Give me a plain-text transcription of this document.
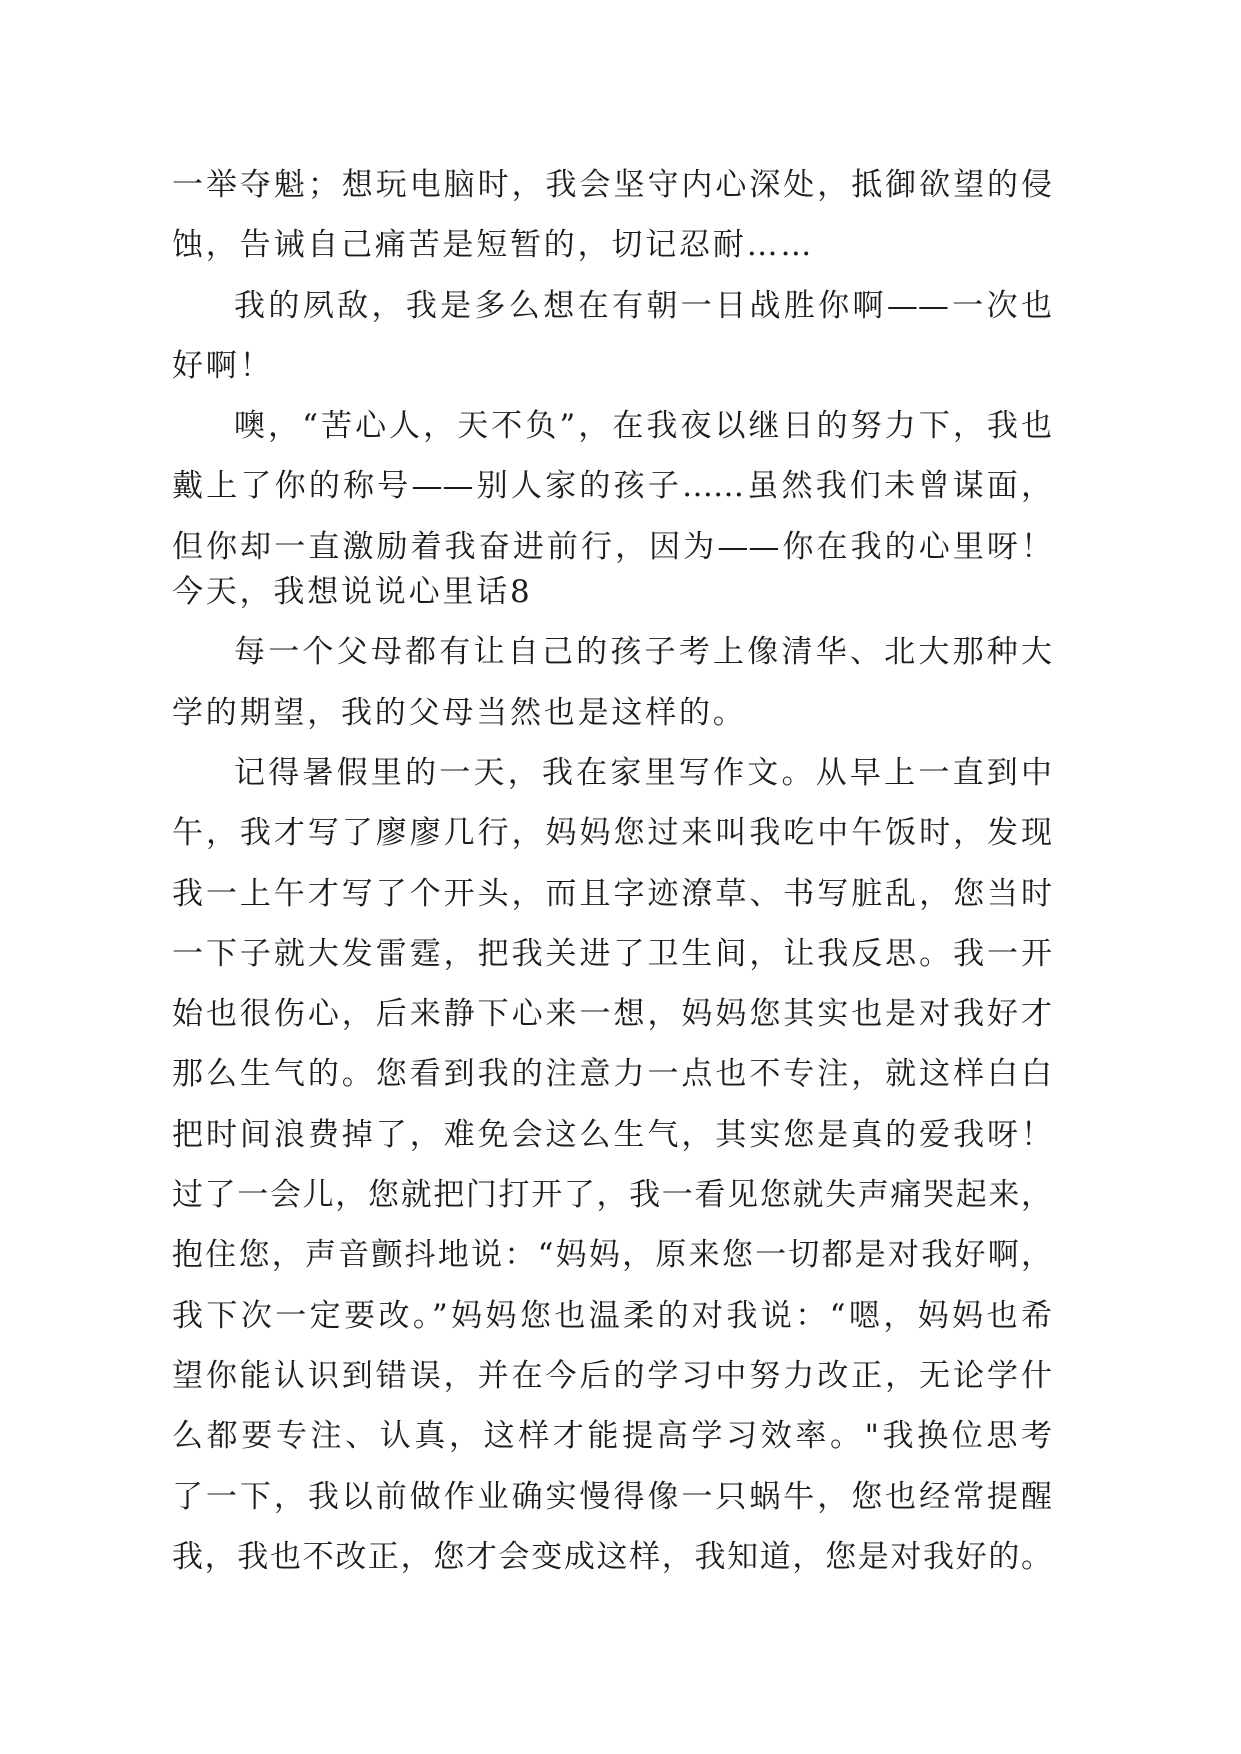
一举夺魁；想玩电脑时，我会坚守内心深处，抵御欲望的侵
蚀，告诫自己痛苦是短暂的，切记忍耐……
我的夙敌，我是多么想在有朝一日战胜你啊——一次也
好啊！
噢，“苦心人，天不负”，在我夜以继日的努力下，我也
戴上了你的称号——别人家的孩子……虽然我们未曾谋面，
但你却一直激励着我奋进前行，因为——你在我的心里呀！
今天，我想说说心里话8
每一个父母都有让自己的孩子考上像清华、北大那种大
学的期望，我的父母当然也是这样的。
记得暑假里的一天，我在家里写作文。从早上一直到中
午，我才写了廖廖几行，妈妈您过来叫我吃中午饭时，发现
我一上午才写了个开头，而且字迹潦草、书写脏乱，您当时
一下子就大发雷霆，把我关进了卫生间，让我反思。我一开
始也很伤心，后来静下心来一想，妈妈您其实也是对我好才
那么生气的。您看到我的注意力一点也不专注，就这样白白
把时间浪费掉了，难免会这么生气，其实您是真的爱我呀！
过了一会儿，您就把门打开了，我一看见您就失声痛哭起来，
抱住您，声音颤抖地说：“妈妈，原来您一切都是对我好啊，
我下次一定要改。”妈妈您也温柔的对我说：“嗯，妈妈也希
望你能认识到错误，并在今后的学习中努力改正，无论学什
么都要专注、认真，这样才能提高学习效率。"我换位思考
了一下，我以前做作业确实慢得像一只蜗牛，您也经常提醒
我，我也不改正，您才会变成这样，我知道，您是对我好的。
